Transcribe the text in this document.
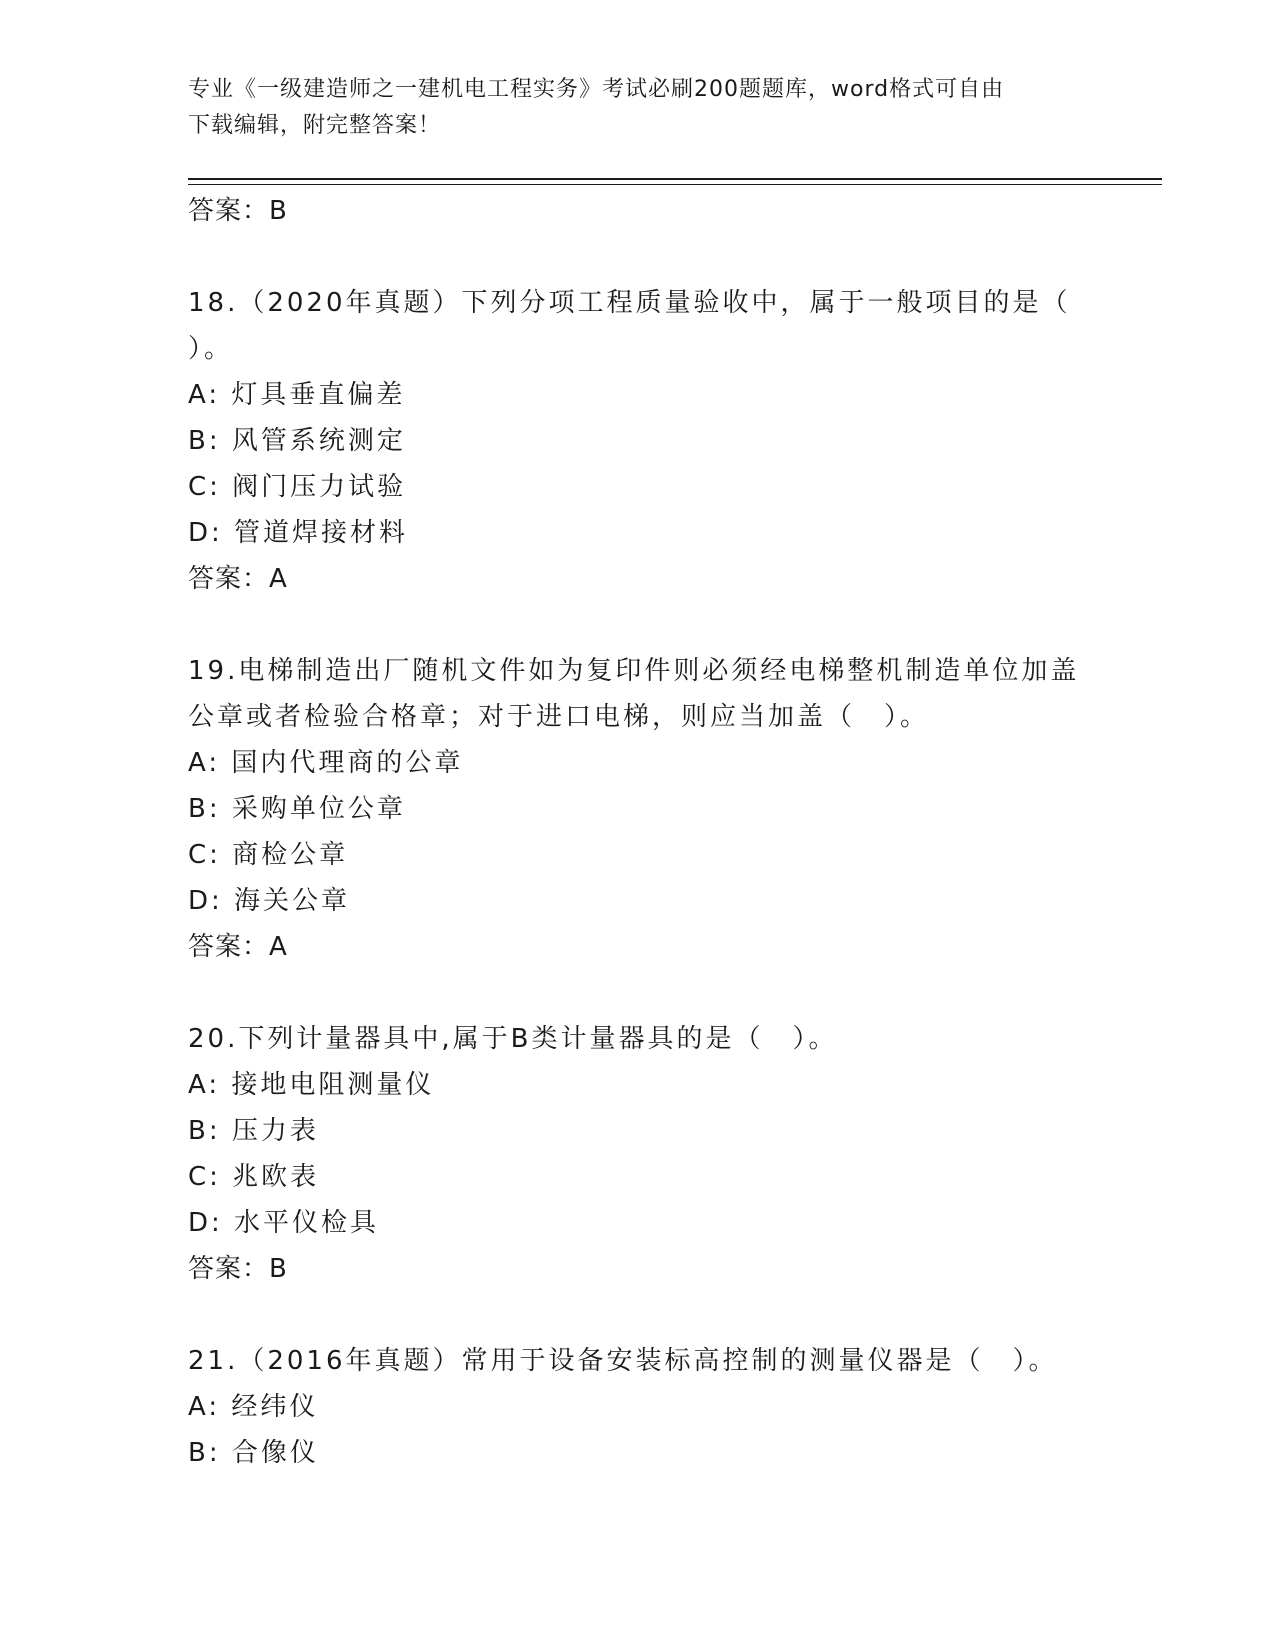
专业《一级建造师之一建机电工程实务》考试必刷200题题库，word格式可自由
下载编辑，附完整答案！
答案：B
18.（2020年真题）下列分项工程质量验收中，属于一般项目的是（
）。
A: 灯具垂直偏差
B: 风管系统测定
C: 阀门压力试验
D: 管道焊接材料
答案：A
19.电梯制造出厂随机文件如为复印件则必须经电梯整机制造单位加盖
公章或者检验合格章；对于进口电梯，则应当加盖（　）。
A: 国内代理商的公章
B: 采购单位公章
C: 商检公章
D: 海关公章
答案：A
20.下列计量器具中,属于B类计量器具的是（　）。
A: 接地电阻测量仪
B: 压力表
C: 兆欧表
D: 水平仪检具
答案：B
21.（2016年真题）常用于设备安装标高控制的测量仪器是（　）。
A: 经纬仪
B: 合像仪
